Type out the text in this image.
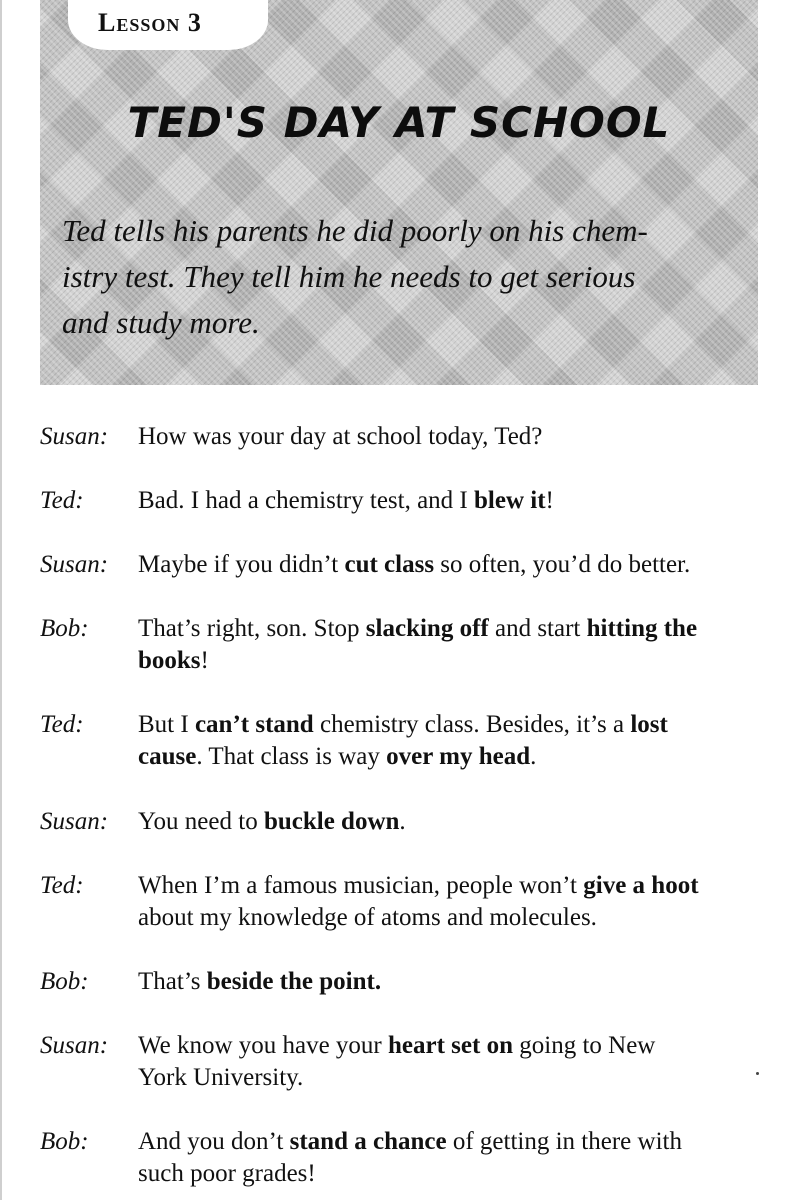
Lesson 3
TED'S DAY AT SCHOOL
Ted tells his parents he did poorly on his chem-
istry test. They tell him he needs to get serious
and study more.
Susan: How was your day at school today, Ted?
Ted: Bad. I had a chemistry test, and I blew it!
Susan: Maybe if you didn’t cut class so often, you’d do better.
Bob: That’s right, son. Stop slacking off and start hitting the
books!
Ted: But I can’t stand chemistry class. Besides, it’s a lost
cause. That class is way over my head.
Susan: You need to buckle down.
Ted: When I’m a famous musician, people won’t give a hoot
about my knowledge of atoms and molecules.
Bob: That’s beside the point.
Susan: We know you have your heart set on going to New
York University.
Bob: And you don’t stand a chance of getting in there with
such poor grades!
